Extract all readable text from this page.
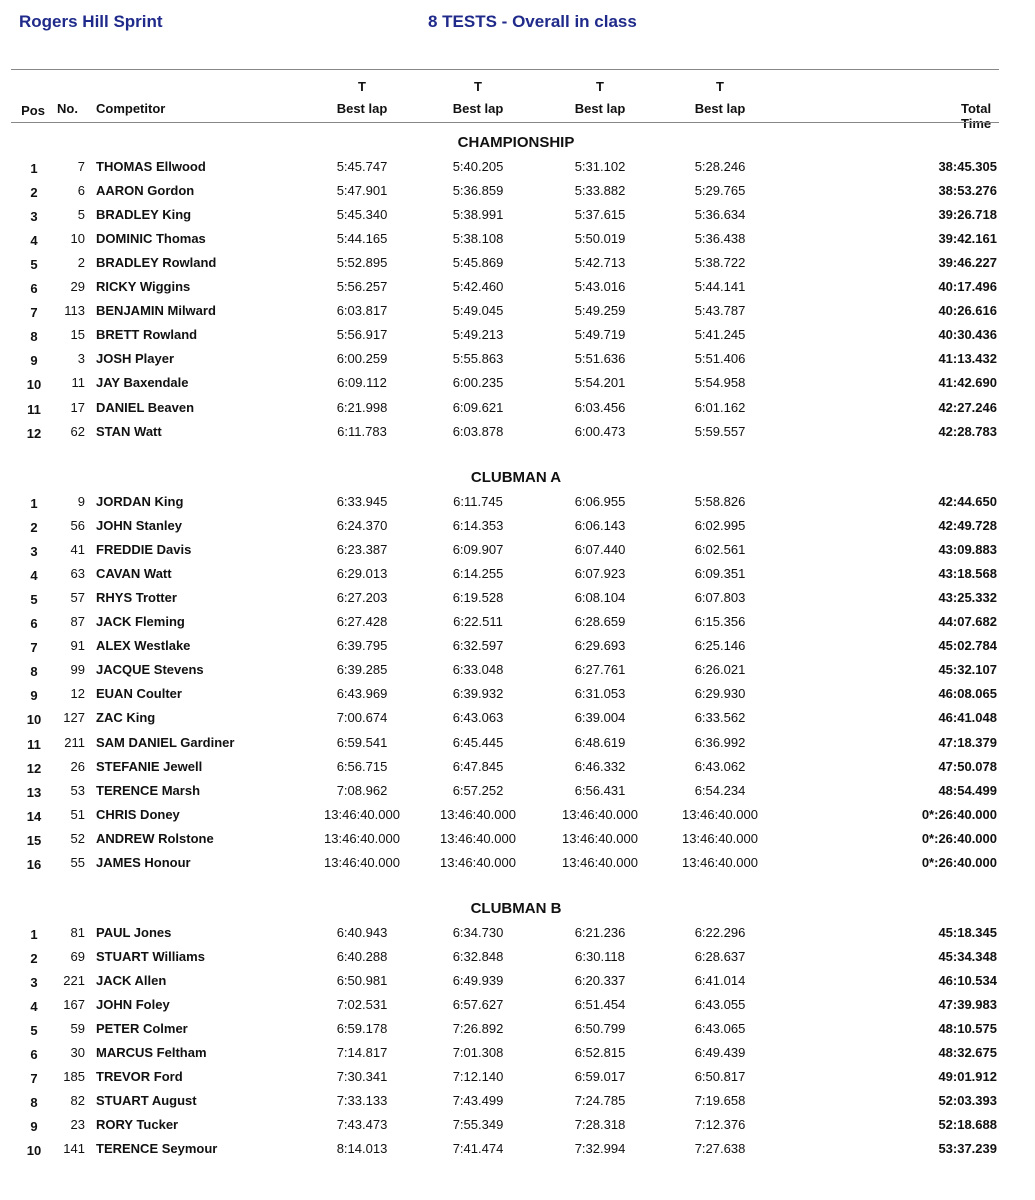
Rogers Hill Sprint	8 TESTS - Overall in class
T	T	T	T
Pos No. Competitor	Best lap	Best lap	Best lap	Best lap	Total Time
CHAMPIONSHIP
1	7 THOMAS Ellwood	5:45.747	5:40.205	5:31.102	5:28.246	38:45.305
2	6 AARON Gordon	5:47.901	5:36.859	5:33.882	5:29.765	38:53.276
3	5 BRADLEY King	5:45.340	5:38.991	5:37.615	5:36.634	39:26.718
4	10 DOMINIC Thomas	5:44.165	5:38.108	5:50.019	5:36.438	39:42.161
5	2 BRADLEY Rowland	5:52.895	5:45.869	5:42.713	5:38.722	39:46.227
6	29 RICKY Wiggins	5:56.257	5:42.460	5:43.016	5:44.141	40:17.496
7 113 BENJAMIN Milward	6:03.817	5:49.045	5:49.259	5:43.787	40:26.616
8	15 BRETT Rowland	5:56.917	5:49.213	5:49.719	5:41.245	40:30.436
9	3 JOSH Player	6:00.259	5:55.863	5:51.636	5:51.406	41:13.432
10 11 JAY Baxendale	6:09.112	6:00.235	5:54.201	5:54.958	41:42.690
11 17 DANIEL Beaven	6:21.998	6:09.621	6:03.456	6:01.162	42:27.246
12 62 STAN Watt	6:11.783	6:03.878	6:00.473	5:59.557	42:28.783
CLUBMAN A
1	9 JORDAN King	6:33.945	6:11.745	6:06.955	5:58.826	42:44.650
2	56 JOHN Stanley	6:24.370	6:14.353	6:06.143	6:02.995	42:49.728
3	41 FREDDIE Davis	6:23.387	6:09.907	6:07.440	6:02.561	43:09.883
4	63 CAVAN Watt	6:29.013	6:14.255	6:07.923	6:09.351	43:18.568
5	57 RHYS Trotter	6:27.203	6:19.528	6:08.104	6:07.803	43:25.332
6	87 JACK Fleming	6:27.428	6:22.511	6:28.659	6:15.356	44:07.682
7	91 ALEX Westlake	6:39.795	6:32.597	6:29.693	6:25.146	45:02.784
8	99 JACQUE Stevens	6:39.285	6:33.048	6:27.761	6:26.021	45:32.107
9	12 EUAN Coulter	6:43.969	6:39.932	6:31.053	6:29.930	46:08.065
10 127 ZAC King	7:00.674	6:43.063	6:39.004	6:33.562	46:41.048
11 211 SAM DANIEL Gardiner	6:59.541	6:45.445	6:48.619	6:36.992	47:18.379
12 26 STEFANIE Jewell	6:56.715	6:47.845	6:46.332	6:43.062	47:50.078
13 53 TERENCE Marsh	7:08.962	6:57.252	6:56.431	6:54.234	48:54.499
14 51 CHRIS Doney	13:46:40.000	13:46:40.000	13:46:40.000	13:46:40.000	0*:26:40.000
15 52 ANDREW Rolstone	13:46:40.000	13:46:40.000	13:46:40.000	13:46:40.000	0*:26:40.000
16 55 JAMES Honour	13:46:40.000	13:46:40.000	13:46:40.000	13:46:40.000	0*:26:40.000
CLUBMAN B
1	81 PAUL Jones	6:40.943	6:34.730	6:21.236	6:22.296	45:18.345
2	69 STUART Williams	6:40.288	6:32.848	6:30.118	6:28.637	45:34.348
3 221 JACK Allen	6:50.981	6:49.939	6:20.337	6:41.014	46:10.534
4 167 JOHN Foley	7:02.531	6:57.627	6:51.454	6:43.055	47:39.983
5	59 PETER Colmer	6:59.178	7:26.892	6:50.799	6:43.065	48:10.575
6	30 MARCUS Feltham	7:14.817	7:01.308	6:52.815	6:49.439	48:32.675
7 185 TREVOR Ford	7:30.341	7:12.140	6:59.017	6:50.817	49:01.912
8	82 STUART August	7:33.133	7:43.499	7:24.785	7:19.658	52:03.393
9	23 RORY Tucker	7:43.473	7:55.349	7:28.318	7:12.376	52:18.688
10 141 TERENCE Seymour	8:14.013	7:41.474	7:32.994	7:27.638	53:37.239
